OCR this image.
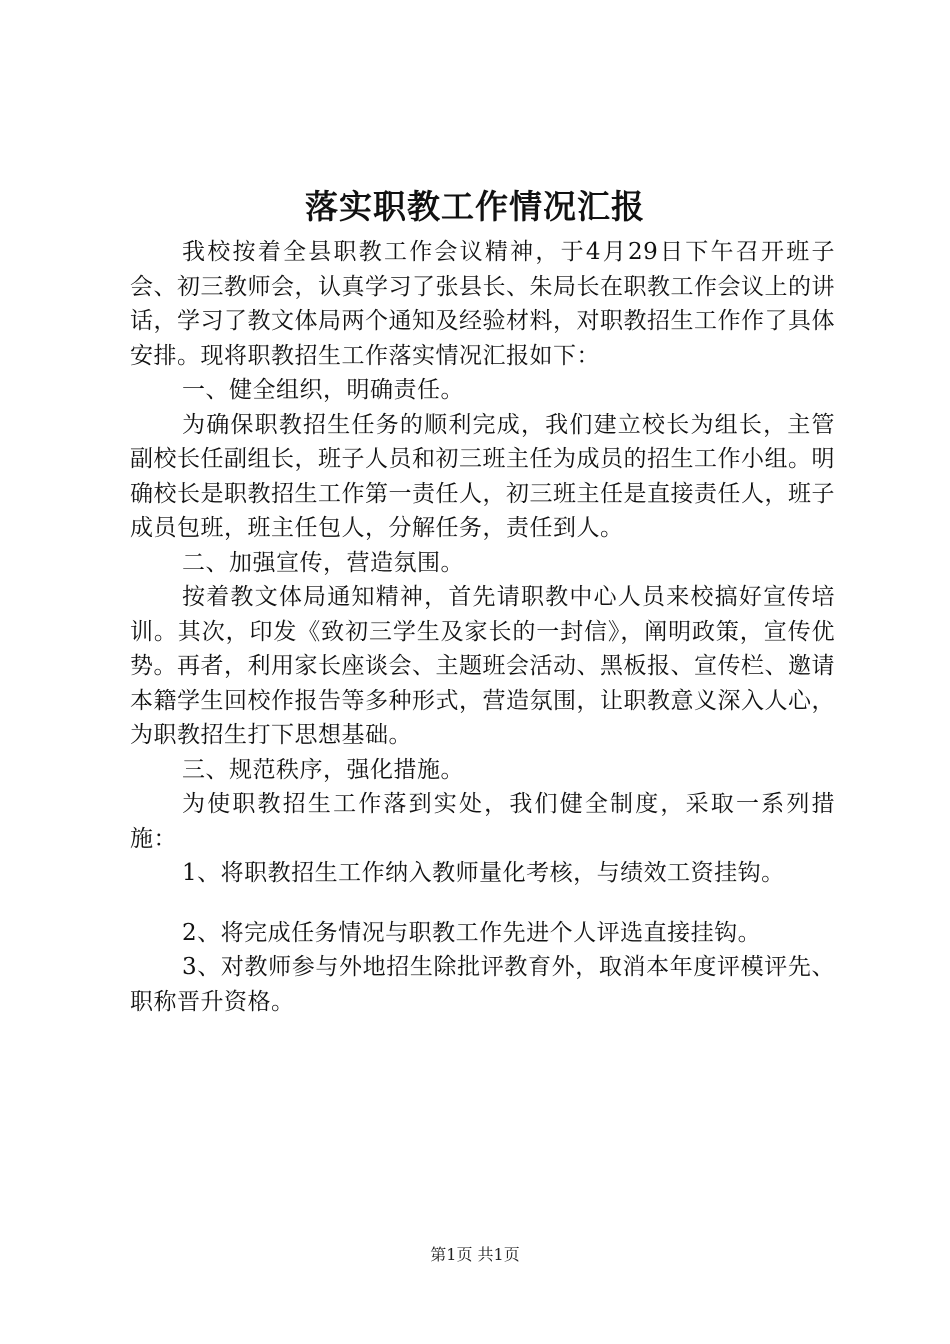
落实职教工作情况汇报

我校按着全县职教工作会议精神，于4月29日下午召开班子会、初三教师会，认真学习了张县长、朱局长在职教工作会议上的讲话，学习了教文体局两个通知及经验材料，对职教招生工作作了具体安排。现将职教招生工作落实情况汇报如下：

一、健全组织，明确责任。

为确保职教招生任务的顺利完成，我们建立校长为组长，主管副校长任副组长，班子人员和初三班主任为成员的招生工作小组。明确校长是职教招生工作第一责任人，初三班主任是直接责任人，班子成员包班，班主任包人，分解任务，责任到人。

二、加强宣传，营造氛围。

按着教文体局通知精神，首先请职教中心人员来校搞好宣传培训。其次，印发《致初三学生及家长的一封信》，阐明政策，宣传优势。再者，利用家长座谈会、主题班会活动、黑板报、宣传栏、邀请本籍学生回校作报告等多种形式，营造氛围，让职教意义深入人心，为职教招生打下思想基础。

三、规范秩序，强化措施。

为使职教招生工作落到实处，我们健全制度，采取一系列措施：

1、将职教招生工作纳入教师量化考核，与绩效工资挂钩。

2、将完成任务情况与职教工作先进个人评选直接挂钩。

3、对教师参与外地招生除批评教育外，取消本年度评模评先、职称晋升资格。

第1页 共1页
